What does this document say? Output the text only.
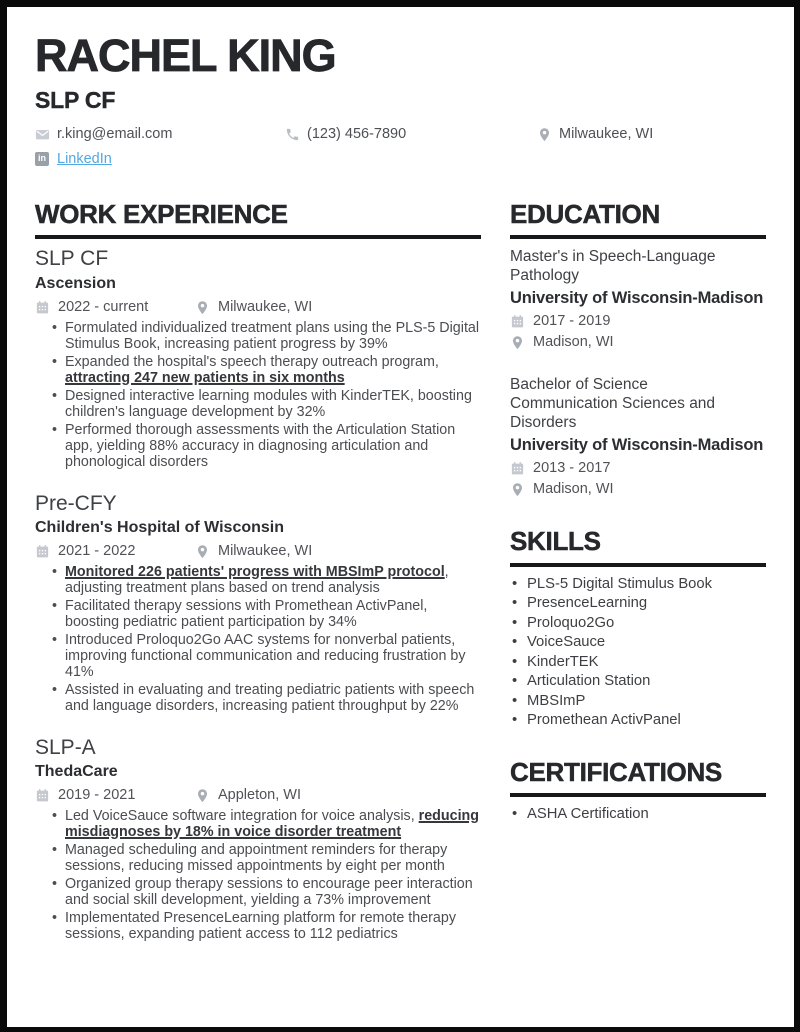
RACHEL KING
SLP CF
r.king@email.com	(123) 456-7890	Milwaukee, WI
in LinkedIn
WORK EXPERIENCE
SLP CF
Ascension
2022 - current	Milwaukee, WI
• Formulated individualized treatment plans using the PLS-5 Digital Stimulus Book, increasing patient progress by 39%
• Expanded the hospital's speech therapy outreach program, attracting 247 new patients in six months
• Designed interactive learning modules with KinderTEK, boosting children's language development by 32%
• Performed thorough assessments with the Articulation Station app, yielding 88% accuracy in diagnosing articulation and phonological disorders
Pre-CFY
Children's Hospital of Wisconsin
2021 - 2022	Milwaukee, WI
• Monitored 226 patients' progress with MBSImP protocol, adjusting treatment plans based on trend analysis
• Facilitated therapy sessions with Promethean ActivPanel, boosting pediatric patient participation by 34%
• Introduced Proloquo2Go AAC systems for nonverbal patients, improving functional communication and reducing frustration by 41%
• Assisted in evaluating and treating pediatric patients with speech and language disorders, increasing patient throughput by 22%
SLP-A
ThedaCare
2019 - 2021	Appleton, WI
• Led VoiceSauce software integration for voice analysis, reducing misdiagnoses by 18% in voice disorder treatment
• Managed scheduling and appointment reminders for therapy sessions, reducing missed appointments by eight per month
• Organized group therapy sessions to encourage peer interaction and social skill development, yielding a 73% improvement
• Implementated PresenceLearning platform for remote therapy sessions, expanding patient access to 112 pediatrics
EDUCATION
Master's in Speech-Language Pathology
University of Wisconsin-Madison
2017 - 2019
Madison, WI
Bachelor of Science
Communication Sciences and Disorders
University of Wisconsin-Madison
2013 - 2017
Madison, WI
SKILLS
• PLS-5 Digital Stimulus Book
• PresenceLearning
• Proloquo2Go
• VoiceSauce
• KinderTEK
• Articulation Station
• MBSImP
• Promethean ActivPanel
CERTIFICATIONS
• ASHA Certification
